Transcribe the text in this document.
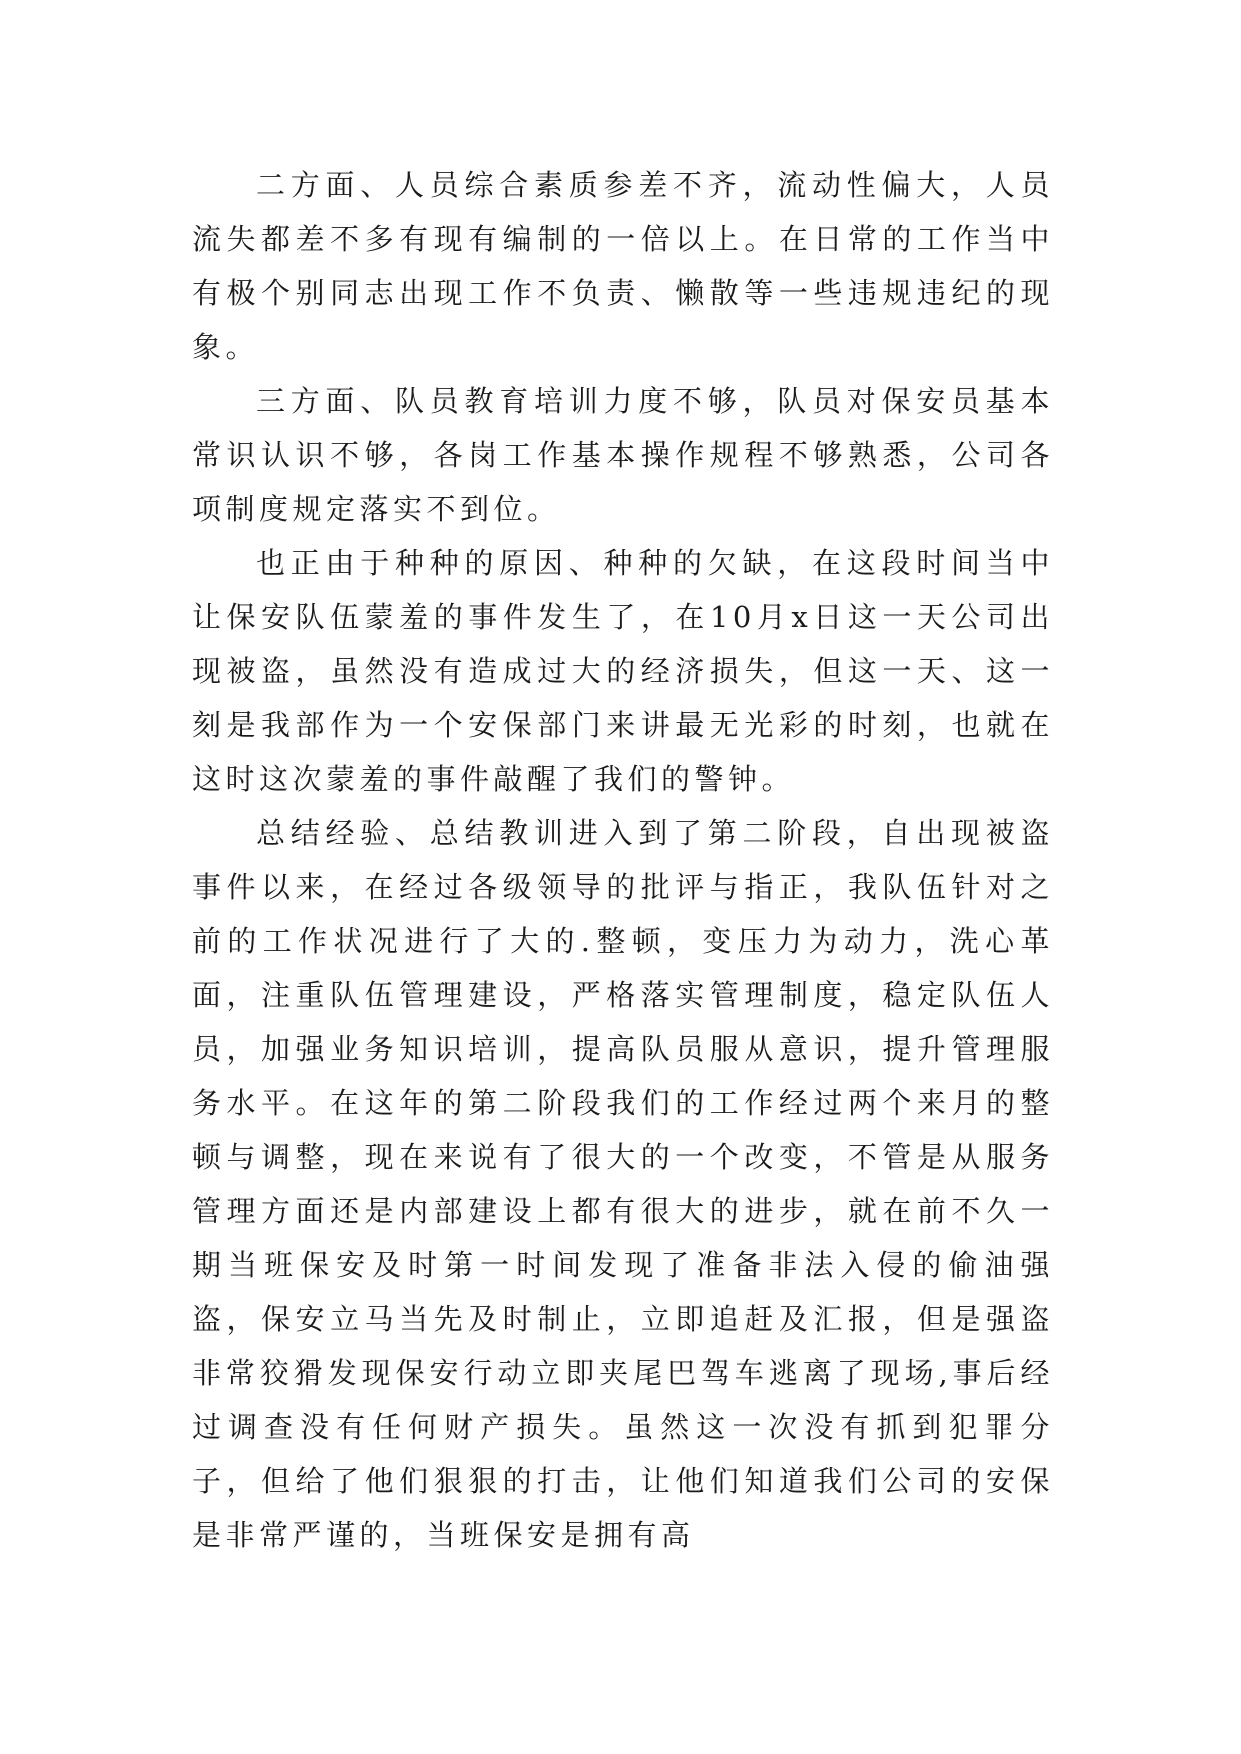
二方面、人员综合素质参差不齐，流动性偏大，人员流失都差不多有现有编制的一倍以上。在日常的工作当中有极个别同志出现工作不负责、懒散等一些违规违纪的现象。

三方面、队员教育培训力度不够，队员对保安员基本常识认识不够，各岗工作基本操作规程不够熟悉，公司各项制度规定落实不到位。

也正由于种种的原因、种种的欠缺，在这段时间当中让保安队伍蒙羞的事件发生了，在10月x日这一天公司出现被盗，虽然没有造成过大的经济损失，但这一天、这一刻是我部作为一个安保部门来讲最无光彩的时刻，也就在这时这次蒙羞的事件敲醒了我们的警钟。

总结经验、总结教训进入到了第二阶段，自出现被盗事件以来，在经过各级领导的批评与指正，我队伍针对之前的工作状况进行了大的.整顿，变压力为动力，洗心革面，注重队伍管理建设，严格落实管理制度，稳定队伍人员，加强业务知识培训，提高队员服从意识，提升管理服务水平。在这年的第二阶段我们的工作经过两个来月的整顿与调整，现在来说有了很大的一个改变，不管是从服务管理方面还是内部建设上都有很大的进步，就在前不久一期当班保安及时第一时间发现了准备非法入侵的偷油强盗，保安立马当先及时制止，立即追赶及汇报，但是强盗非常狡猾发现保安行动立即夹尾巴驾车逃离了现场,事后经过调查没有任何财产损失。虽然这一次没有抓到犯罪分子，但给了他们狠狠的打击，让他们知道我们公司的安保是非常严谨的，当班保安是拥有高
